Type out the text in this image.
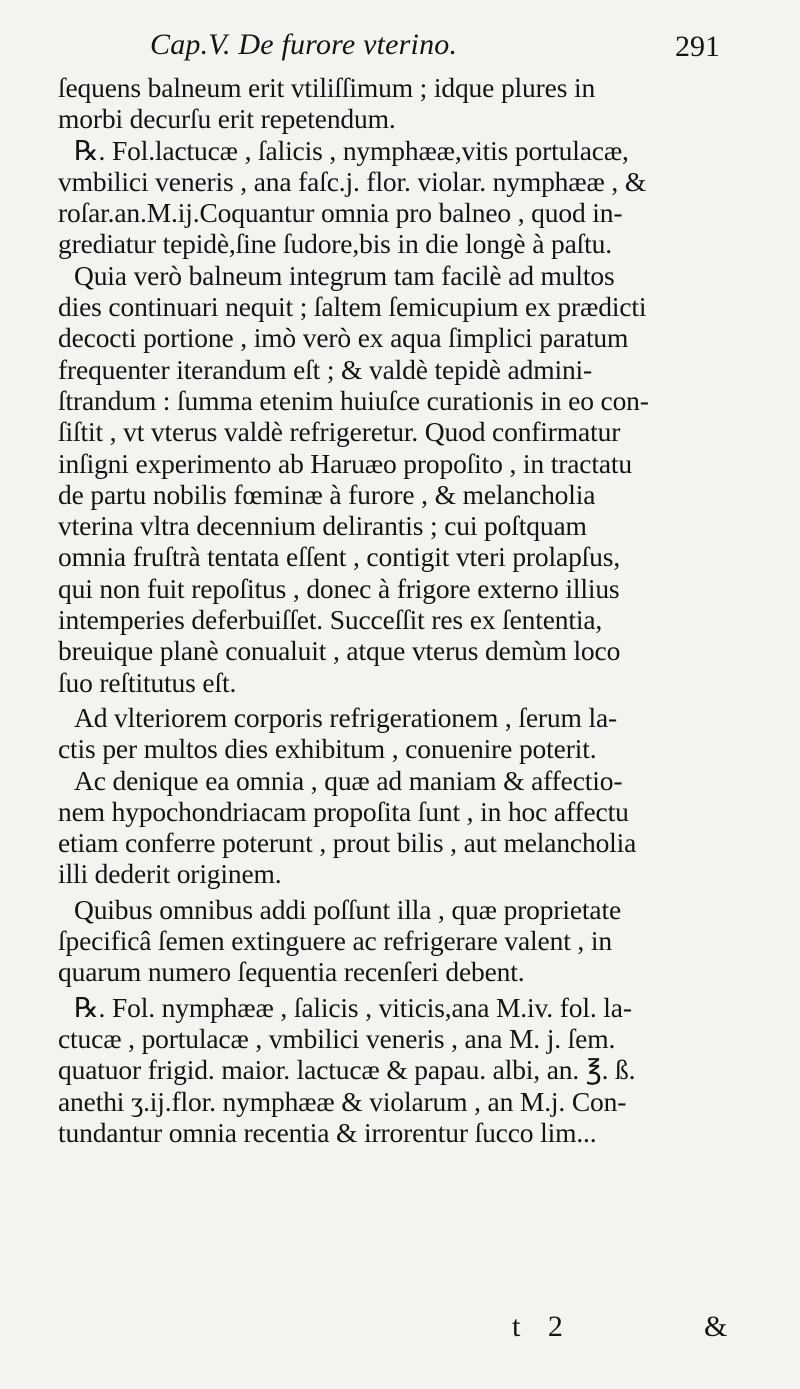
Cap.V. De furore vterino.	291
ſequens balneum erit vtiliſſimum ; idque plures in
morbi decurſu erit repetendum.
℞. Fol.lactucæ , ſalicis , nymphææ,vitis portulacæ,
vmbilici veneris , ana faſc.j. flor. violar. nymphææ , &
roſar.an.M.ij.Coquantur omnia pro balneo , quod in-
grediatur tepidè,ſine ſudore,bis in die longè à paſtu.
Quia verò balneum integrum tam facilè ad multos
dies continuari nequit ; ſaltem ſemicupium ex prædicti
decocti portione , imò verò ex aqua ſimplici paratum
frequenter iterandum eſt ; & valdè tepidè admini-
ſtrandum : ſumma etenim huiuſce curationis in eo con-
ſiſtit , vt vterus valdè refrigeretur. Quod confirmatur
inſigni experimento ab Haruæo propoſito , in tractatu
de partu nobilis fœminæ à furore , & melancholia
vterina vltra decennium delirantis ; cui poſtquam
omnia fruſtrà tentata eſſent , contigit vteri prolapſus,
qui non fuit repoſitus , donec à frigore externo illius
intemperies deferbuiſſet. Succeſſit res ex ſententia,
breuique planè conualuit , atque vterus demùm loco
ſuo reſtitutus eſt.
Ad vlteriorem corporis refrigerationem , ſerum la-
ctis per multos dies exhibitum , conuenire poterit.
Ac denique ea omnia , quæ ad maniam & affectio-
nem hypochondriacam propoſita ſunt , in hoc affectu
etiam conferre poterunt , prout bilis , aut melancholia
illi dederit originem.
Quibus omnibus addi poſſunt illa , quæ proprietate
ſpecificâ ſemen extinguere ac refrigerare valent , in
quarum numero ſequentia recenſeri debent.
℞. Fol. nymphææ , ſalicis , viticis,ana M.iv. fol. la-
ctucæ , portulacæ , vmbilici veneris , ana M. j. ſem.
quatuor frigid. maior. lactucæ & papau. albi, an. ℥. ß.
anethi ʒ.ij.flor. nymphææ & violarum , an M.j. Con-
tundantur omnia recentia & irrorentur ſucco lim...
t 2	&
